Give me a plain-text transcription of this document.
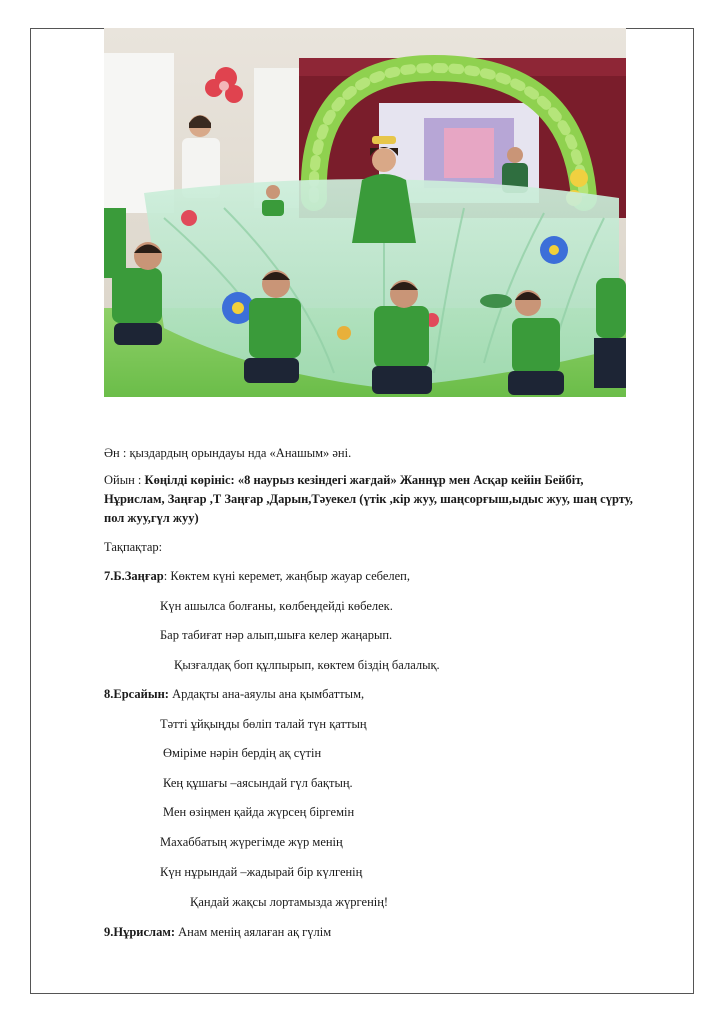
Ән : қыздардың орындауы нда «Анашым» әні.
Ойын : Көңілді көрініс: «8 наурыз кезіндегі жағдай» Жаннұр мен Асқар кейін Бейбіт, Нұрислам, Заңғар ,Т Заңғар ,Дарын,Тәуекел (үтік ,кір жуу, шаңсорғыш,ыдыс жуу, шаң сүрту, пол жуу,гүл жуу)
Тақпақтар:
7.Б.Заңғар: Көктем күні керемет, жаңбыр жауар себелеп,
Күн ашылса болғаны, көлбеңдейді көбелек.
Бар табиғат нәр алып,шығa келер жаңарып.
Қызғалдақ боп құлпырып, көктем біздің балалық.
8.Ерсайын: Ардақты ана-аяулы ана қымбаттым,
Тәтті ұйқыңды бөліп талай түн қаттың
Өміріме нәрін бердің ақ сүтін
Кең құшағы –аясындай гүл бақтың.
Мен өзіңмен қайда жүрсең біргемін
Махаббатың жүрегімде жүр менің
Күн нұрындай –жадырай бір күлгенің
Қандай жақсы лортамызда жүргенің!
9.Нұрислам: Анам менің аялаған ақ гүлім
